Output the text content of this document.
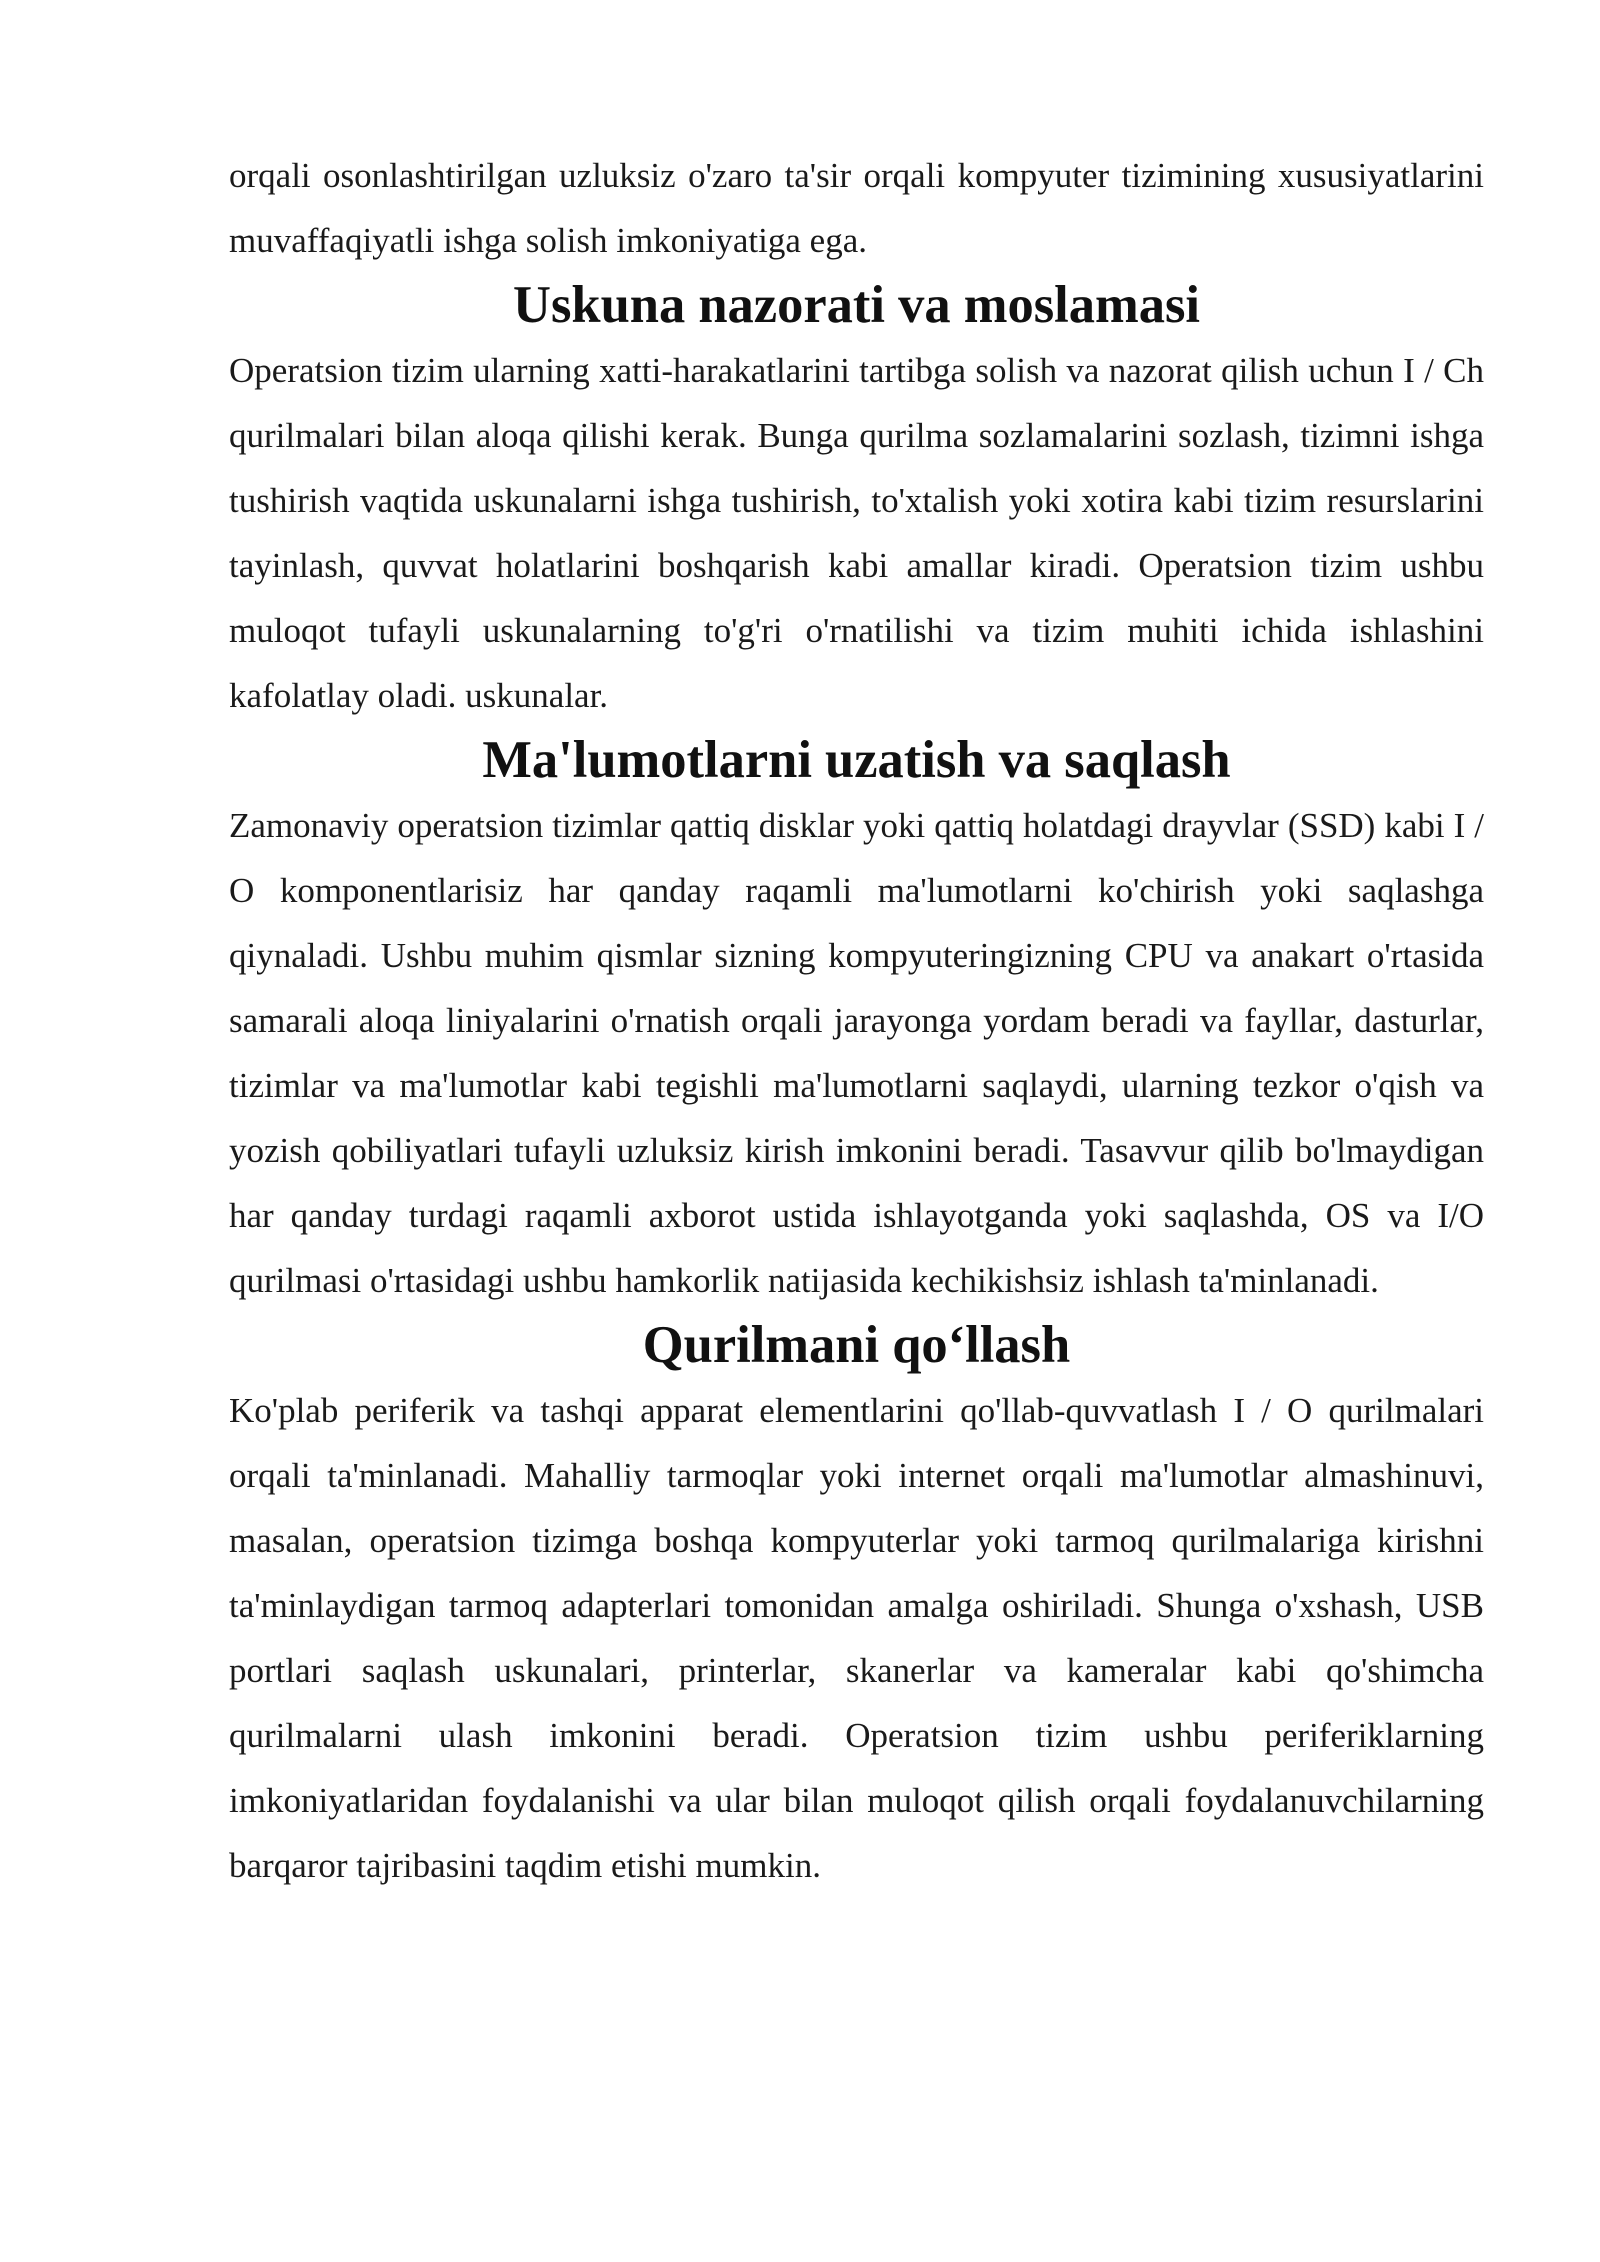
orqali osonlashtirilgan uzluksiz o'zaro ta'sir orqali kompyuter tizimining xususiyatlarini muvaffaqiyatli ishga solish imkoniyatiga ega.

Uskuna nazorati va moslamasi

Operatsion tizim ularning xatti-harakatlarini tartibga solish va nazorat qilish uchun I / Ch qurilmalari bilan aloqa qilishi kerak. Bunga qurilma sozlamalarini sozlash, tizimni ishga tushirish vaqtida uskunalarni ishga tushirish, to'xtalish yoki xotira kabi tizim resurslarini tayinlash, quvvat holatlarini boshqarish kabi amallar kiradi. Operatsion tizim ushbu muloqot tufayli uskunalarning to'g'ri o'rnatilishi va tizim muhiti ichida ishlashini kafolatlay oladi. uskunalar.

Ma'lumotlarni uzatish va saqlash

Zamonaviy operatsion tizimlar qattiq disklar yoki qattiq holatdagi drayvlar (SSD) kabi I / O komponentlarisiz har qanday raqamli ma'lumotlarni ko'chirish yoki saqlashga qiynaladi. Ushbu muhim qismlar sizning kompyuteringizning CPU va anakart o'rtasida samarali aloqa liniyalarini o'rnatish orqali jarayonga yordam beradi va fayllar, dasturlar, tizimlar va ma'lumotlar kabi tegishli ma'lumotlarni saqlaydi, ularning tezkor o'qish va yozish qobiliyatlari tufayli uzluksiz kirish imkonini beradi. Tasavvur qilib bo'lmaydigan har qanday turdagi raqamli axborot ustida ishlayotganda yoki saqlashda, OS va I/O qurilmasi o'rtasidagi ushbu hamkorlik natijasida kechikishsiz ishlash ta'minlanadi.

Qurilmani qo‘llash

Ko'plab periferik va tashqi apparat elementlarini qo'llab-quvvatlash I / O qurilmalari orqali ta'minlanadi. Mahalliy tarmoqlar yoki internet orqali ma'lumotlar almashinuvi, masalan, operatsion tizimga boshqa kompyuterlar yoki tarmoq qurilmalariga kirishni ta'minlaydigan tarmoq adapterlari tomonidan amalga oshiriladi. Shunga o'xshash, USB portlari saqlash uskunalari, printerlar, skanerlar va kameralar kabi qo'shimcha qurilmalarni ulash imkonini beradi. Operatsion tizim ushbu periferiklarning imkoniyatlaridan foydalanishi va ular bilan muloqot qilish orqali foydalanuvchilarning barqaror tajribasini taqdim etishi mumkin.
